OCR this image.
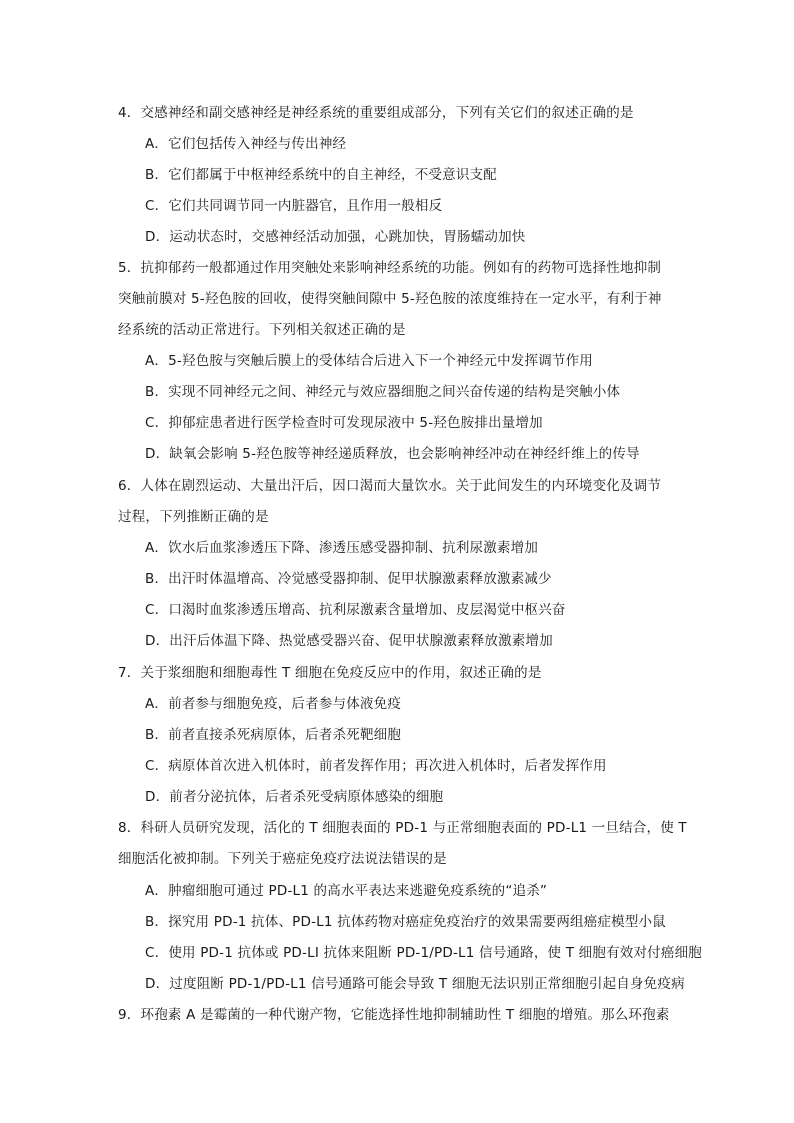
4．交感神经和副交感神经是神经系统的重要组成部分，下列有关它们的叙述正确的是
A．它们包括传入神经与传出神经
B．它们都属于中枢神经系统中的自主神经，不受意识支配
C．它们共同调节同一内脏器官，且作用一般相反
D．运动状态时，交感神经活动加强，心跳加快，胃肠蠕动加快
5．抗抑郁药一般都通过作用突触处来影响神经系统的功能。例如有的药物可选择性地抑制
突触前膜对 5-羟色胺的回收，使得突触间隙中 5-羟色胺的浓度维持在一定水平，有利于神
经系统的活动正常进行。下列相关叙述正确的是
A．5-羟色胺与突触后膜上的受体结合后进入下一个神经元中发挥调节作用
B．实现不同神经元之间、神经元与效应器细胞之间兴奋传递的结构是突触小体
C．抑郁症患者进行医学检查时可发现尿液中 5-羟色胺排出量增加
D．缺氧会影响 5-羟色胺等神经递质释放，也会影响神经冲动在神经纤维上的传导
6．人体在剧烈运动、大量出汗后，因口渴而大量饮水。关于此间发生的内环境变化及调节
过程，下列推断正确的是
A．饮水后血浆渗透压下降、渗透压感受器抑制、抗利尿激素增加
B．出汗时体温增高、冷觉感受器抑制、促甲状腺激素释放激素减少
C．口渴时血浆渗透压增高、抗利尿激素含量增加、皮层渴觉中枢兴奋
D．出汗后体温下降、热觉感受器兴奋、促甲状腺激素释放激素增加
7．关于浆细胞和细胞毒性 T 细胞在免疫反应中的作用，叙述正确的是
A．前者参与细胞免疫，后者参与体液免疫
B．前者直接杀死病原体，后者杀死靶细胞
C．病原体首次进入机体时，前者发挥作用；再次进入机体时，后者发挥作用
D．前者分泌抗体，后者杀死受病原体感染的细胞
8．科研人员研究发现，活化的 T 细胞表面的 PD-1 与正常细胞表面的 PD-L1 一旦结合，使 T
细胞活化被抑制。下列关于癌症免疫疗法说法错误的是
A．肿瘤细胞可通过 PD-L1 的高水平表达来逃避免疫系统的“追杀”
B．探究用 PD-1 抗体、PD-L1 抗体药物对癌症免疫治疗的效果需要两组癌症模型小鼠
C．使用 PD-1 抗体或 PD-LI 抗体来阻断 PD-1/PD-L1 信号通路，使 T 细胞有效对付癌细胞
D．过度阻断 PD-1/PD-L1 信号通路可能会导致 T 细胞无法识别正常细胞引起自身免疫病
9．环孢素 A 是霉菌的一种代谢产物，它能选择性地抑制辅助性 T 细胞的增殖。那么环孢素
